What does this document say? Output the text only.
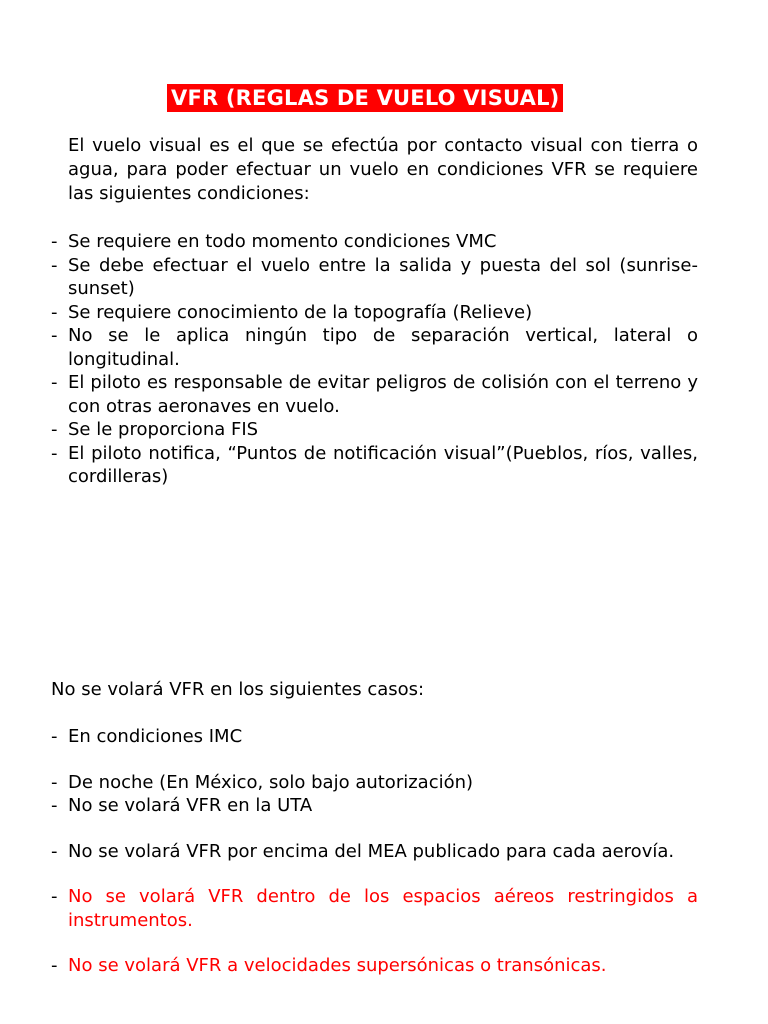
VFR (REGLAS DE VUELO VISUAL)

El vuelo visual es el que se efectúa por contacto visual con tierra o agua, para poder efectuar un vuelo en condiciones VFR se requiere las siguientes condiciones:

- Se requiere en todo momento condiciones VMC
- Se debe efectuar el vuelo entre la salida y puesta del sol (sunrise-sunset)
- Se requiere conocimiento de la topografía (Relieve)
- No se le aplica ningún tipo de separación vertical, lateral o longitudinal.
- El piloto es responsable de evitar peligros de colisión con el terreno y con otras aeronaves en vuelo.
- Se le proporciona FIS
- El piloto notifica, “Puntos de notificación visual”(Pueblos, ríos, valles, cordilleras)

No se volará VFR en los siguientes casos:

- En condiciones IMC
- De noche (En México, solo bajo autorización)
- No se volará VFR en la UTA
- No se volará VFR por encima del MEA publicado para cada aerovía.
- No se volará VFR dentro de los espacios aéreos restringidos a instrumentos.
- No se volará VFR a velocidades supersónicas o transónicas.
